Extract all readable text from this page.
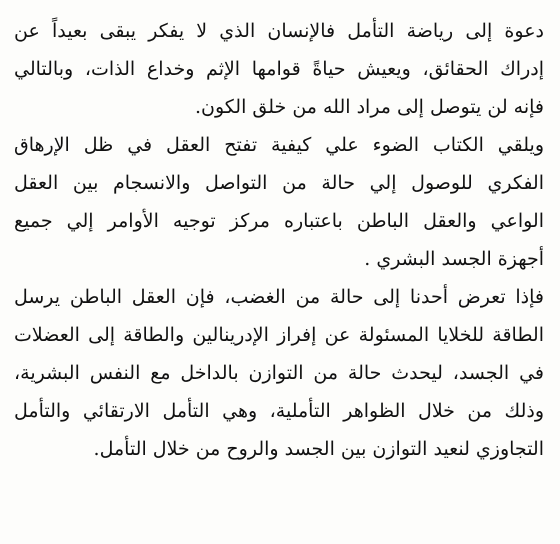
دعوة إلى رياضة التأمل فالإنسان الذي لا يفكر يبقى بعيداً عن
إدراك الحقائق، ويعيش حياةً قوامها الإثم وخداع الذات، وبالتالي
فإنه لن يتوصل إلى مراد الله من خلق الكون.
ويلقي الكتاب الضوء علي كيفية تفتح العقل في ظل الإرهاق
الفكري للوصول إلي حالة من التواصل والانسجام بين العقل
الواعي والعقل الباطن باعتباره مركز توجيه الأوامر إلي جميع
أجهزة الجسد البشري .
فإذا تعرض أحدنا إلى حالة من الغضب، فإن العقل الباطن يرسل
الطاقة للخلايا المسئولة عن إفراز الإدرينالين والطاقة إلى العضلات
في الجسد، ليحدث حالة من التوازن بالداخل مع النفس البشرية،
وذلك من خلال الظواهر التأملية، وهي التأمل الارتقائي والتأمل
التجاوزي لنعيد التوازن بين الجسد والروح من خلال التأمل.
